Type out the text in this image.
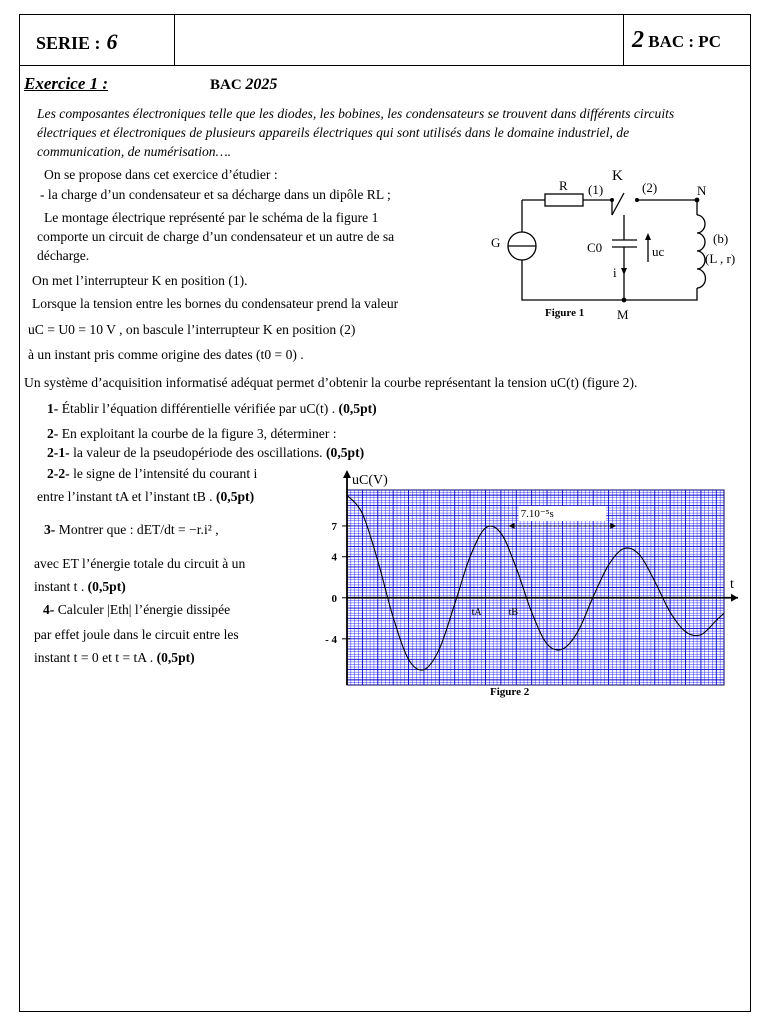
SERIE : 6	2 BAC : PC
Exercice 1 :	BAC 2025
Les composantes électroniques telle que les diodes, les bobines, les condensateurs se trouvent dans différents circuits électriques et électroniques de plusieurs appareils électriques qui sont utilisés dans le domaine industriel, de communication, de numérisation….
On se propose dans cet exercice d’étudier :
- la charge d’un condensateur et sa décharge dans un dipôle RL ;
Le montage électrique représenté par le schéma de la figure 1
comporte un circuit de charge d’un condensateur et un autre de sa
décharge.
On met l’interrupteur K en position (1).
Lorsque la tension entre les bornes du condensateur prend la valeur
uC = U0 = 10 V , on bascule l’interrupteur K en position (2)
à un instant pris comme origine des dates (t0 = 0) .
Un système d’acquisition informatisé adéquat permet d’obtenir la courbe représentant la tension uC(t) (figure 2).
1- Établir l’équation différentielle vérifiée par uC(t) . (0,5pt)
2- En exploitant la courbe de la figure 3, déterminer :
2-1- la valeur de la pseudopériode des oscillations. (0,5pt)
2-2- le signe de l’intensité du courant i
entre l’instant tA et l’instant tB . (0,5pt)
3- Montrer que : dET/dt = −r.i² ,
avec ET l’énergie totale du circuit à un
instant t . (0,5pt)
4- Calculer |Eth| l’énergie dissipée
par effet joule dans le circuit entre les
instant t = 0 et t = tA . (0,5pt)
R (1)
K
(2)	N
G	C0	uc
i
(b)
(L , r)
M
Figure 1
7
4
0
- 4
tA	tB
uC(V)
t
7.10⁻⁵s
Figure 2
